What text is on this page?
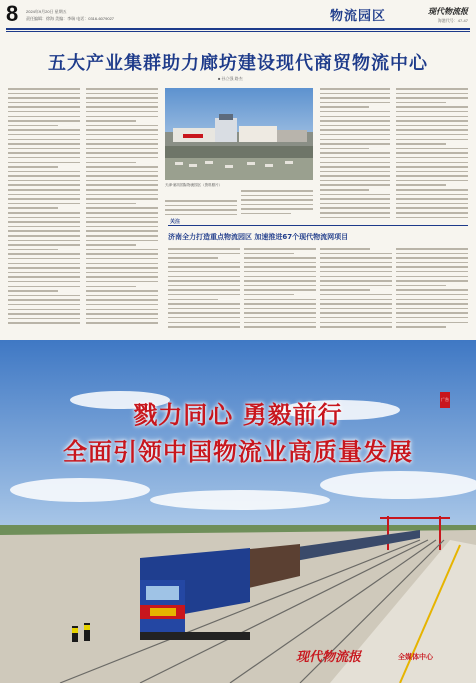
8 2024年9月20日 星期五
责任编辑：徐海 美编：李瑞 电话：0316-6079027	物流园区	现代物流报
海港代号：47-47
五大产业集群助力廊坊建设现代商贸物流中心
■ 孙立强 路杰
天津·廊坊国际物流园区（资料照片）
关注
济南全力打造重点物流园区 加速推进67个现代物流网项目
广告
戮力同心 勇毅前行
全面引领中国物流业高质量发展
现代物流报	全媒体中心
